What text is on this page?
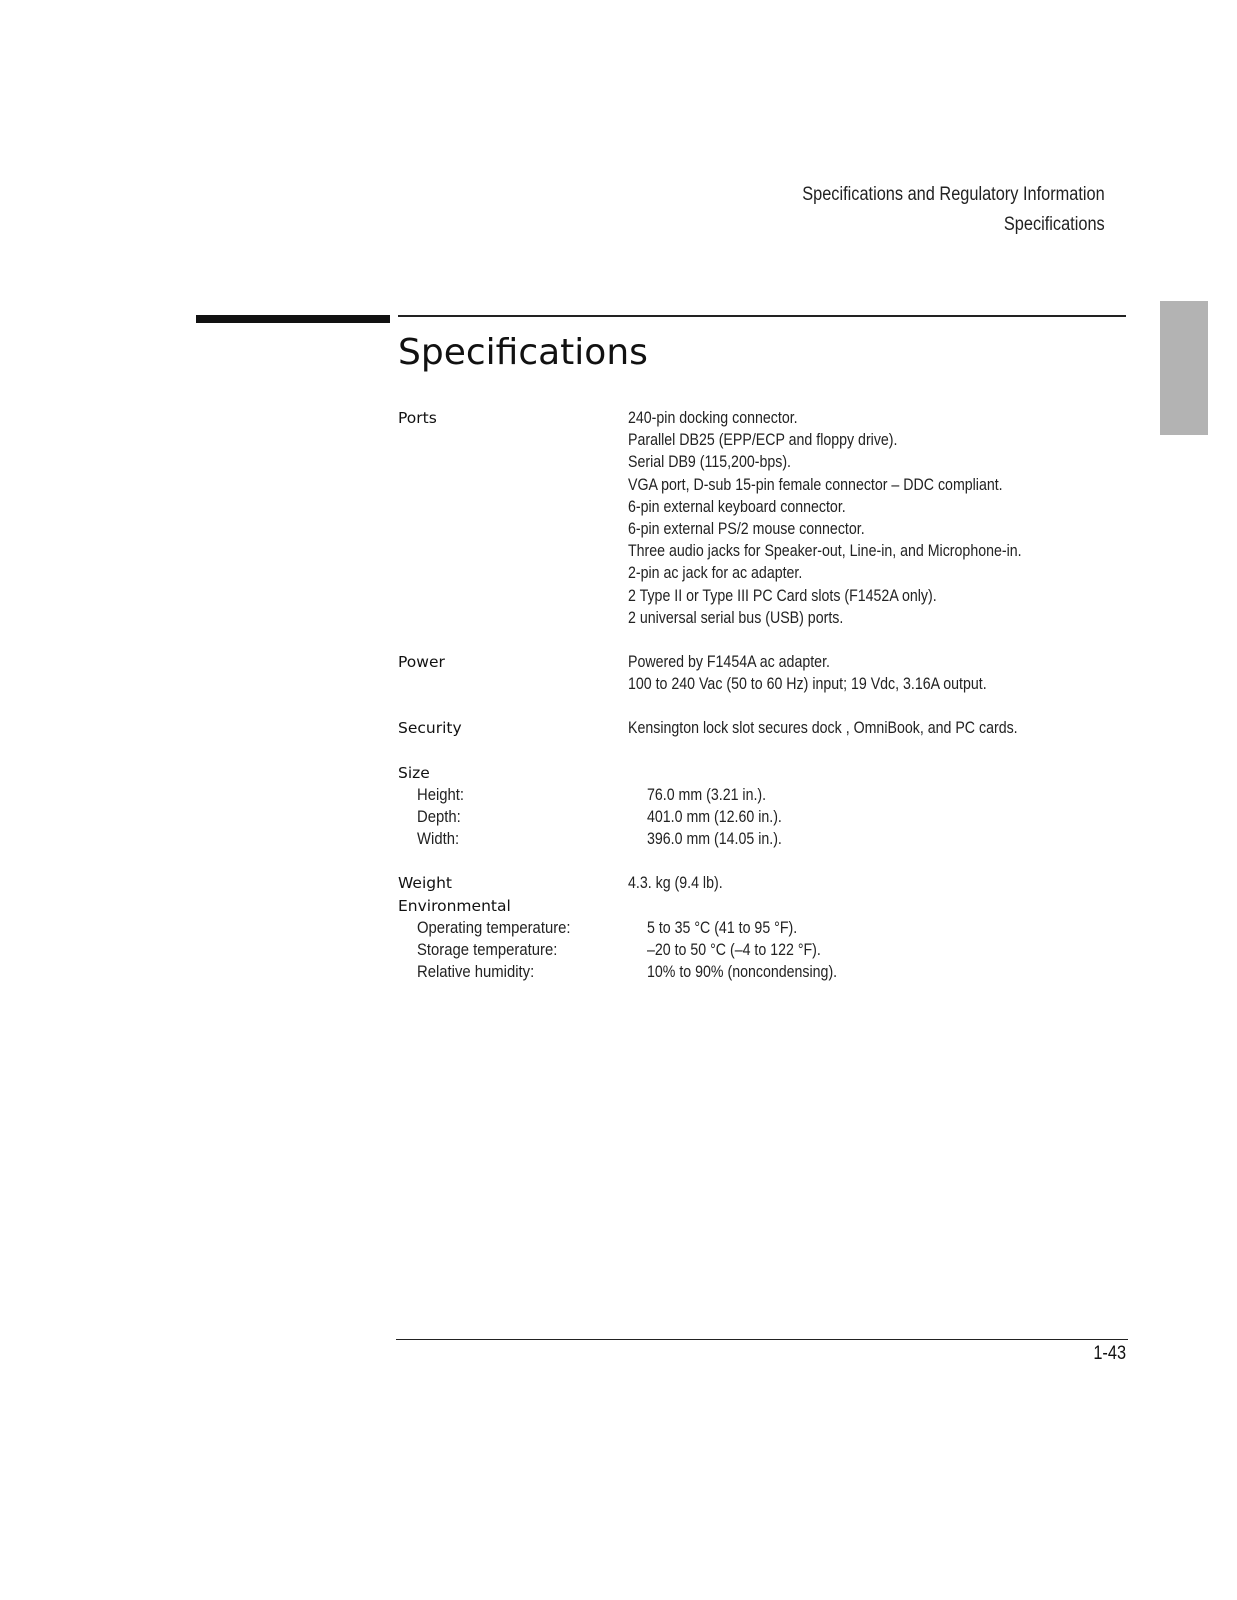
Specifications and Regulatory Information
Specifications
Specifications
Ports	240-pin docking connector.
Parallel DB25 (EPP/ECP and floppy drive).
Serial DB9 (115,200-bps).
VGA port, D-sub 15-pin female connector – DDC compliant.
6-pin external keyboard connector.
6-pin external PS/2 mouse connector.
Three audio jacks for Speaker-out, Line-in, and Microphone-in.
2-pin ac jack for ac adapter.
2 Type II or Type III PC Card slots (F1452A only).
2 universal serial bus (USB) ports.
Power	Powered by F1454A ac adapter.
100 to 240 Vac (50 to 60 Hz) input; 19 Vdc, 3.16A output.
Security	Kensington lock slot secures dock , OmniBook, and PC cards.
Size
Height:	76.0 mm (3.21 in.).
Depth:	401.0 mm (12.60 in.).
Width:	396.0 mm (14.05 in.).
Weight	4.3. kg (9.4 lb).
Environmental
Operating temperature:	5 to 35 °C (41 to 95 °F).
Storage temperature:	–20 to 50 °C (–4 to 122 °F).
Relative humidity:	10% to 90% (noncondensing).
1-43
